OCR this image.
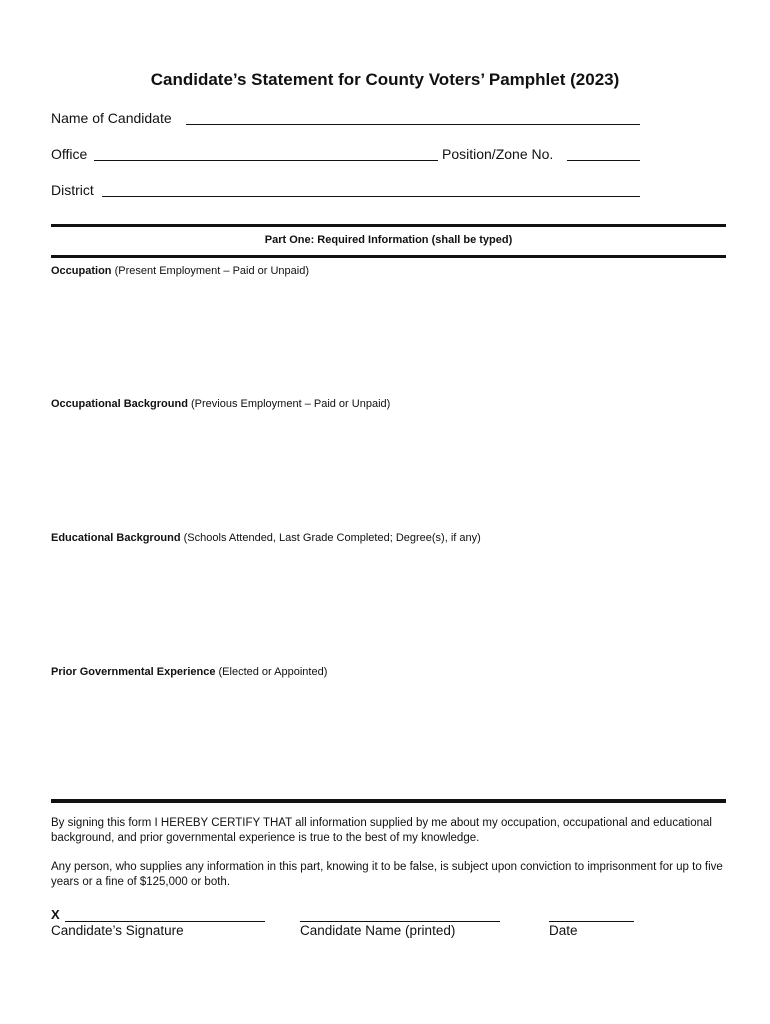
Candidate’s Statement for County Voters’ Pamphlet (2023)
Name of Candidate
Office	Position/Zone No.
District
Part One: Required Information (shall be typed)
Occupation (Present Employment – Paid or Unpaid)
Occupational Background (Previous Employment – Paid or Unpaid)
Educational Background (Schools Attended, Last Grade Completed; Degree(s), if any)
Prior Governmental Experience (Elected or Appointed)
By signing this form I HEREBY CERTIFY THAT all information supplied by me about my occupation, occupational and educational background, and prior governmental experience is true to the best of my knowledge.
Any person, who supplies any information in this part, knowing it to be false, is subject upon conviction to imprisonment for up to five years or a fine of $125,000 or both.
X
Candidate’s Signature	Candidate Name (printed)	Date
